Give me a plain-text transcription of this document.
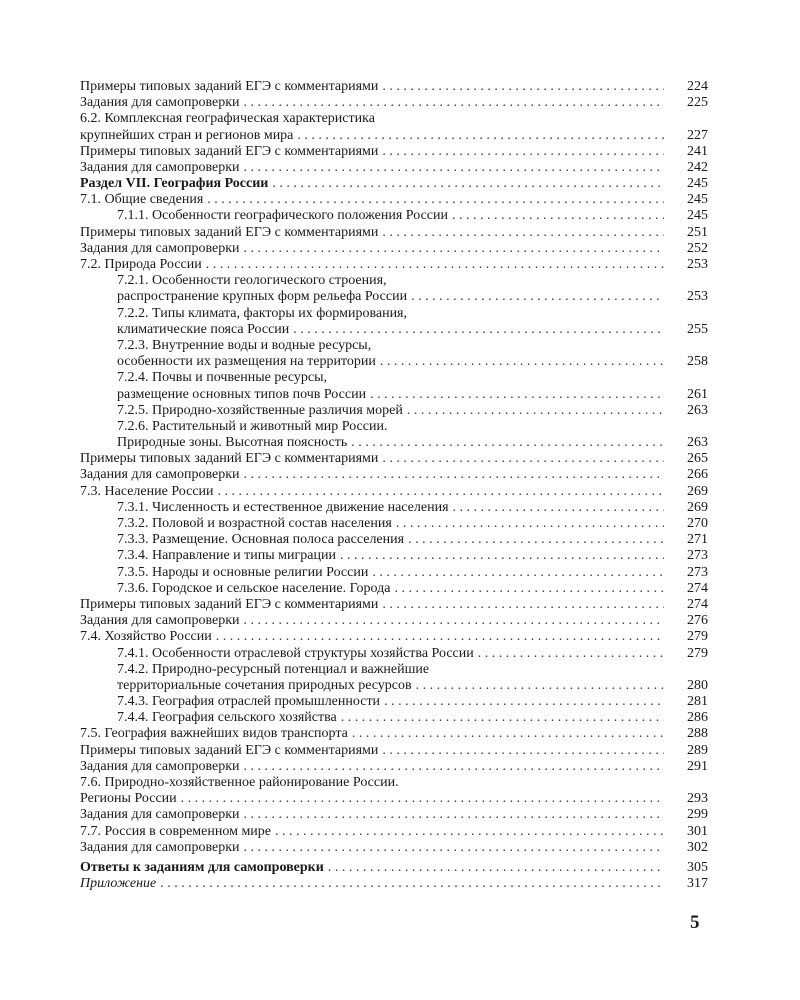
Примеры типовых заданий ЕГЭ с комментариями . . .	224
Задания для самопроверки . . .	225
6.2. Комплексная географическая характеристика
крупнейших стран и регионов мира . . .	227
Примеры типовых заданий ЕГЭ с комментариями . . .	241
Задания для самопроверки . . .	242
Раздел VII. География России . . .	245
7.1. Общие сведения . . .	245
7.1.1. Особенности географического положения России . . .	245
Примеры типовых заданий ЕГЭ с комментариями . . .	251
Задания для самопроверки . . .	252
7.2. Природа России . . .	253
7.2.1. Особенности геологического строения,
распространение крупных форм рельефа России . . .	253
7.2.2. Типы климата, факторы их формирования,
климатические пояса России . . .	255
7.2.3. Внутренние воды и водные ресурсы,
особенности их размещения на территории . . .	258
7.2.4. Почвы и почвенные ресурсы,
размещение основных типов почв России . . .	261
7.2.5. Природно-хозяйственные различия морей . . .	263
7.2.6. Растительный и животный мир России.
Природные зоны. Высотная поясность . . .	263
Примеры типовых заданий ЕГЭ с комментариями . . .	265
Задания для самопроверки . . .	266
7.3. Население России . . .	269
7.3.1. Численность и естественное движение населения . . .	269
7.3.2. Половой и возрастной состав населения . . .	270
7.3.3. Размещение. Основная полоса расселения . . .	271
7.3.4. Направление и типы миграции . . .	273
7.3.5. Народы и основные религии России . . .	273
7.3.6. Городское и сельское население. Города . . .	274
Примеры типовых заданий ЕГЭ с комментариями . . .	274
Задания для самопроверки . . .	276
7.4. Хозяйство России . . .	279
7.4.1. Особенности отраслевой структуры хозяйства России . . .	279
7.4.2. Природно-ресурсный потенциал и важнейшие
территориальные сочетания природных ресурсов . . .	280
7.4.3. География отраслей промышленности . . .	281
7.4.4. География сельского хозяйства . . .	286
7.5. География важнейших видов транспорта . . .	288
Примеры типовых заданий ЕГЭ с комментариями . . .	289
Задания для самопроверки . . .	291
7.6. Природно-хозяйственное районирование России.
Регионы России . . .	293
Задания для самопроверки . . .	299
7.7. Россия в современном мире . . .	301
Задания для самопроверки . . .	302
Ответы к заданиям для самопроверки . . .	305
Приложение . . .	317
5
